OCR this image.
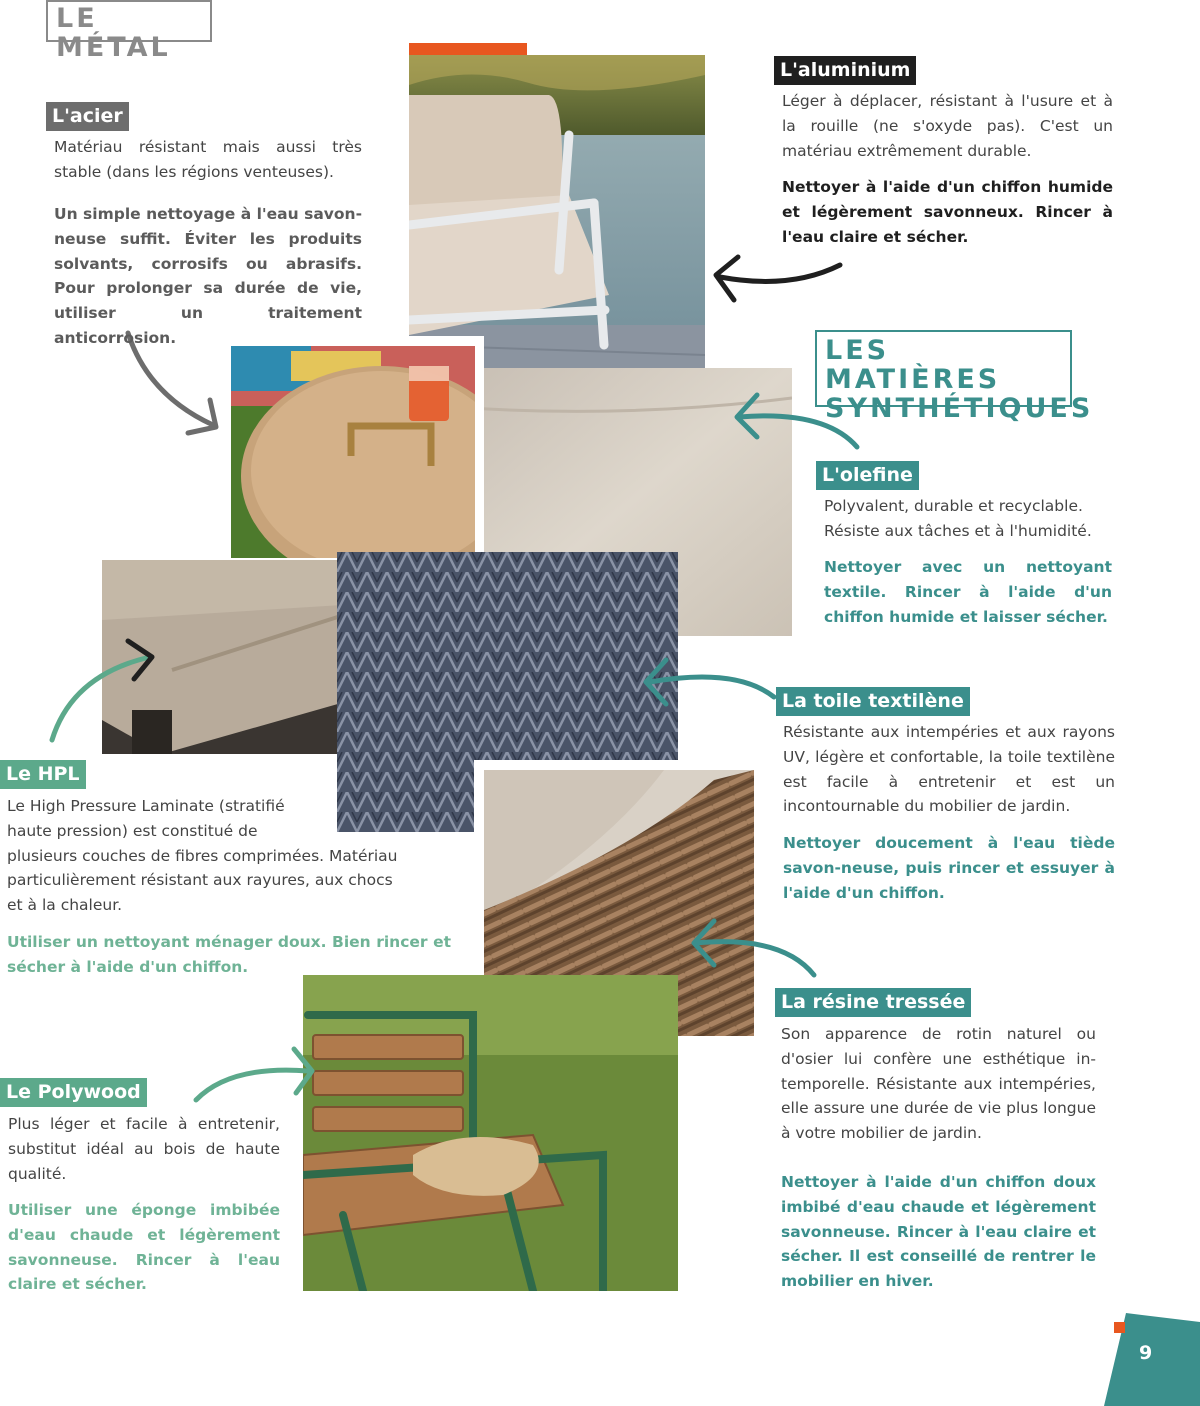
LE MÉTAL
LES MATIÈRES
SYNTHÉTIQUES
L'acier
Matériau résistant mais aussi très stable (dans les régions venteuses).
Un simple nettoyage à l'eau savon-neuse suffit. Éviter les produits solvants, corrosifs ou abrasifs. Pour prolonger sa durée de vie, utiliser un traitement anticorrosion.
L'aluminium
Léger à déplacer, résistant à l'usure et à la rouille (ne s'oxyde pas). C'est un matériau extrêmement durable.
Nettoyer à l'aide d'un chiffon humide et légèrement savonneux. Rincer à l'eau claire et sécher.
L'olefine
Polyvalent, durable et recyclable.
Résiste aux tâches et à l'humidité.
Nettoyer avec un nettoyant textile. Rincer à l'aide d'un chiffon humide et laisser sécher.
La toile textilène
Résistante aux intempéries et aux rayons UV, légère et confortable, la toile textilène est facile à entretenir et est un incontournable du mobilier de jardin.
Nettoyer doucement à l'eau tiède savon-neuse, puis rincer et essuyer à l'aide d'un chiffon.
Le HPL
Le High Pressure Laminate (stratifié
haute pression) est constitué de
plusieurs couches de fibres comprimées. Matériau particulièrement résistant aux rayures, aux chocs et à la chaleur.
Utiliser un nettoyant ménager doux. Bien rincer et sécher à l'aide d'un chiffon.
La résine tressée
Son apparence de rotin naturel ou d'osier lui confère une esthétique in-temporelle. Résistante aux intempéries, elle assure une durée de vie plus longue à votre mobilier de jardin.
Nettoyer à l'aide d'un chiffon doux imbibé d'eau chaude et légèrement savonneuse. Rincer à l'eau claire et sécher. Il est conseillé de rentrer le mobilier en hiver.
Le Polywood
Plus léger et facile à entretenir, substitut idéal au bois de haute qualité.
Utiliser une éponge imbibée d'eau chaude et légèrement savonneuse. Rincer à l'eau claire et sécher.
9
